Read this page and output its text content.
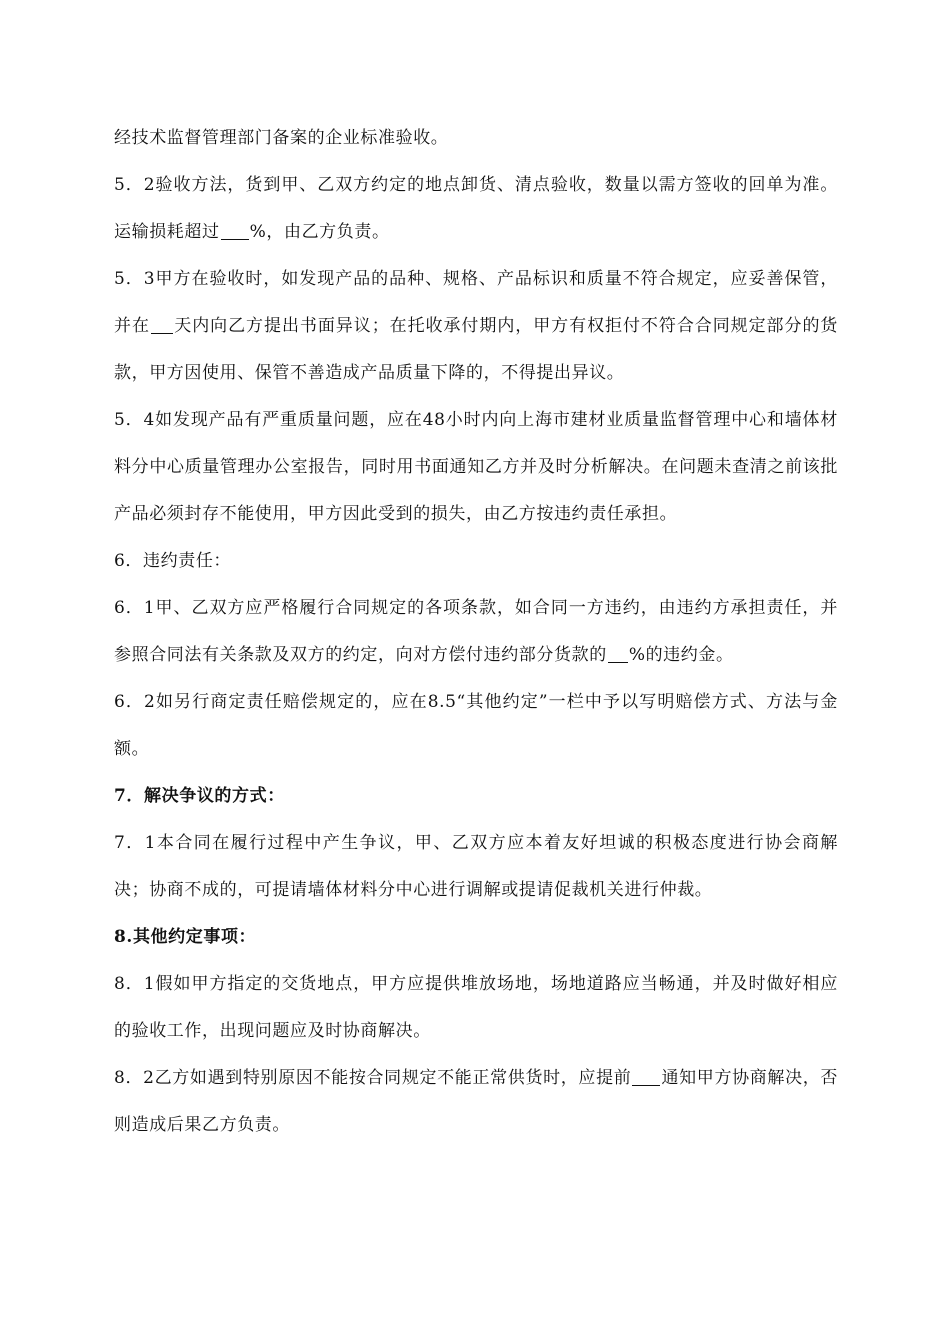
经技术监督管理部门备案的企业标准验收。

5．2验收方法，货到甲、乙双方约定的地点卸货、清点验收，数量以需方签收的回单为准。运输损耗超过 %，由乙方负责。

5．3甲方在验收时，如发现产品的品种、规格、产品标识和质量不符合规定，应妥善保管，并在 天内向乙方提出书面异议；在托收承付期内，甲方有权拒付不符合合同规定部分的货款，甲方因使用、保管不善造成产品质量下降的，不得提出异议。

5．4如发现产品有严重质量问题，应在48小时内向上海市建材业质量监督管理中心和墙体材料分中心质量管理办公室报告，同时用书面通知乙方并及时分析解决。在问题未查清之前该批产品必须封存不能使用，甲方因此受到的损失，由乙方按违约责任承担。

6．违约责任：

6．1甲、乙双方应严格履行合同规定的各项条款，如合同一方违约，由违约方承担责任，并参照合同法有关条款及双方的约定，向对方偿付违约部分货款的 %的违约金。

6．2如另行商定责任赔偿规定的，应在8.5“其他约定”一栏中予以写明赔偿方式、方法与金额。

7．解决争议的方式：

7．1本合同在履行过程中产生争议，甲、乙双方应本着友好坦诚的积极态度进行协会商解决；协商不成的，可提请墙体材料分中心进行调解或提请促裁机关进行仲裁。

8.其他约定事项：

8．1假如甲方指定的交货地点，甲方应提供堆放场地，场地道路应当畅通，并及时做好相应的验收工作，出现问题应及时协商解决。

8．2乙方如遇到特别原因不能按合同规定不能正常供货时，应提前 通知甲方协商解决，否则造成后果乙方负责。
